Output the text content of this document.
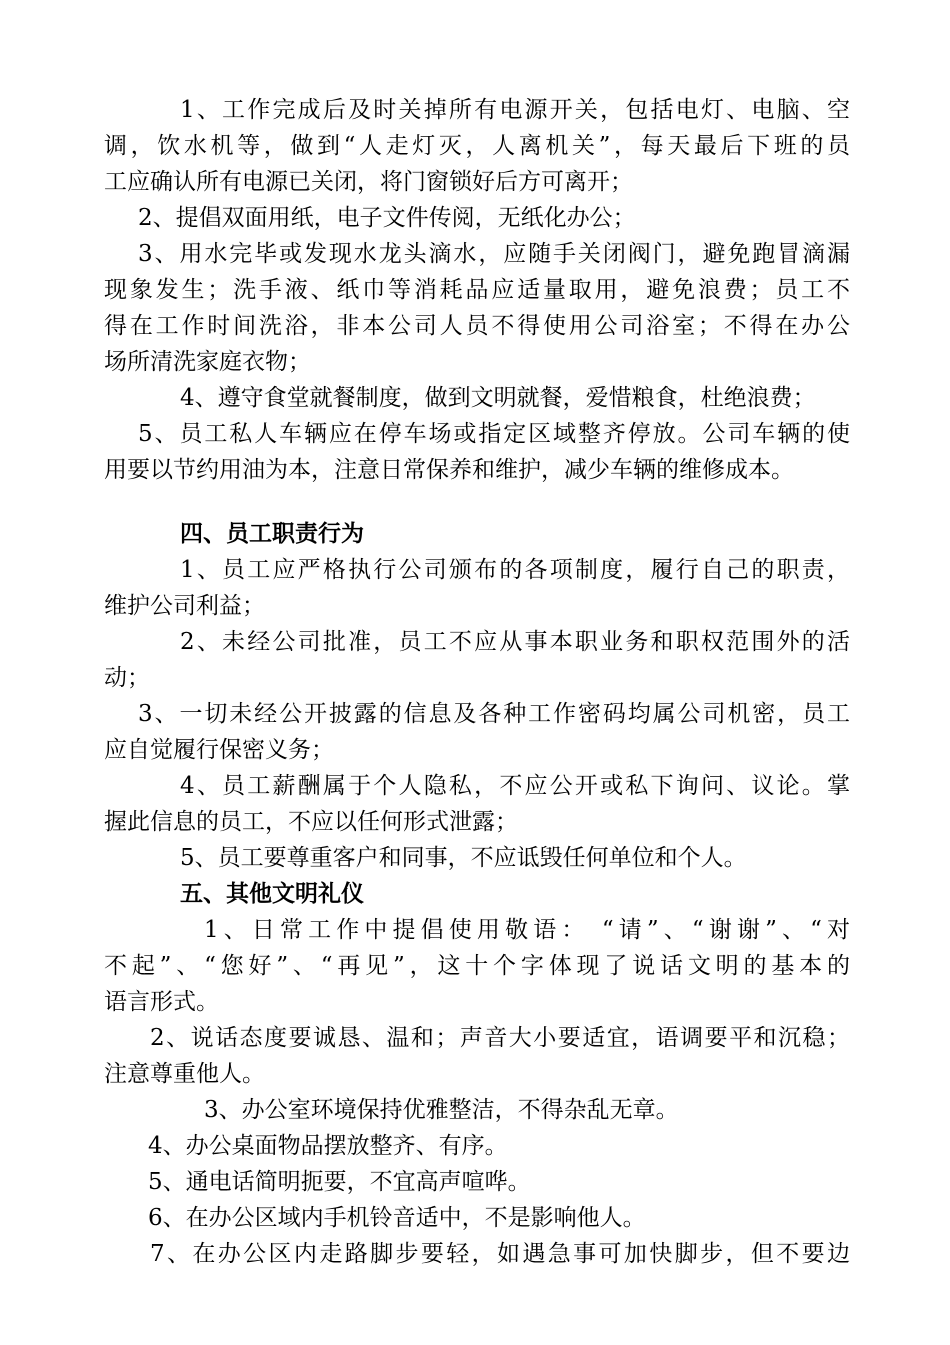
1、工作完成后及时关掉所有电源开关，包括电灯、电脑、空
调，饮水机等，做到“人走灯灭，人离机关”，每天最后下班的员
工应确认所有电源已关闭，将门窗锁好后方可离开；
2、提倡双面用纸，电子文件传阅，无纸化办公；
3、用水完毕或发现水龙头滴水，应随手关闭阀门，避免跑冒滴漏
现象发生；洗手液、纸巾等消耗品应适量取用，避免浪费；员工不
得在工作时间洗浴，非本公司人员不得使用公司浴室；不得在办公
场所清洗家庭衣物；
4、遵守食堂就餐制度，做到文明就餐，爱惜粮食，杜绝浪费；
5、员工私人车辆应在停车场或指定区域整齐停放。公司车辆的使
用要以节约用油为本，注意日常保养和维护，减少车辆的维修成本。
四、员工职责行为
1、员工应严格执行公司颁布的各项制度，履行自己的职责，
维护公司利益；
2、未经公司批准，员工不应从事本职业务和职权范围外的活
动；
3、一切未经公开披露的信息及各种工作密码均属公司机密，员工
应自觉履行保密义务；
4、员工薪酬属于个人隐私，不应公开或私下询问、议论。掌
握此信息的员工，不应以任何形式泄露；
5、员工要尊重客户和同事，不应诋毁任何单位和个人。
五、其他文明礼仪
1、日常工作中提倡使用敬语： “请”、“谢谢”、“对
不起”、“您好”、“再见”，这十个字体现了说话文明的基本的
语言形式。
2、说话态度要诚恳、温和；声音大小要适宜，语调要平和沉稳；
注意尊重他人。
3、办公室环境保持优雅整洁，不得杂乱无章。
4、办公桌面物品摆放整齐、有序。
5、通电话简明扼要，不宜高声喧哗。
6、在办公区域内手机铃音适中，不是影响他人。
7、在办公区内走路脚步要轻，如遇急事可加快脚步，但不要边
